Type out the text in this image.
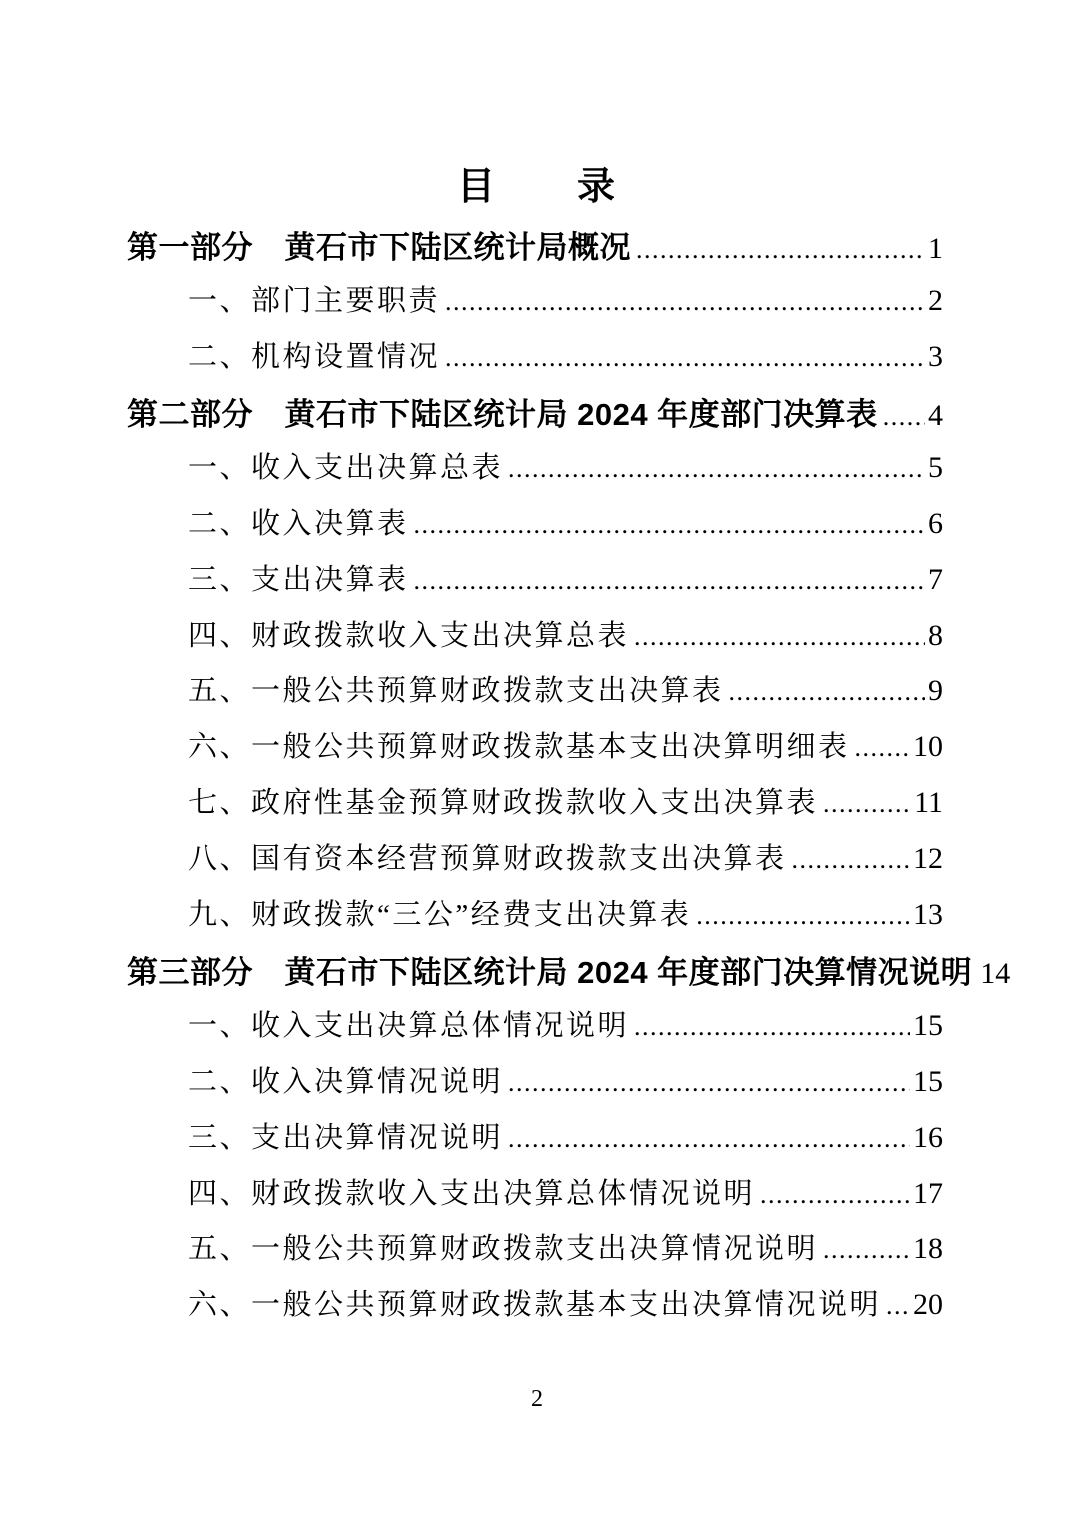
目　　录
第一部分　黄石市下陆区统计局概况 .....	1
一、部门主要职责 .....	2
二、机构设置情况 .....	3
第二部分　黄石市下陆区统计局 2024 年度部门决算表 ..... 4
一、收入支出决算总表 .....	5
二、收入决算表 .....	6
三、支出决算表 .....	7
四、财政拨款收入支出决算总表 .....	8
五、一般公共预算财政拨款支出决算表 .....	9
六、一般公共预算财政拨款基本支出决算明细表 ..... 10
七、政府性基金预算财政拨款收入支出决算表 .....	11
八、国有资本经营预算财政拨款支出决算表 .....	12
九、财政拨款“三公”经费支出决算表 .....	13
第三部分　黄石市下陆区统计局 2024 年度部门决算情况说明 14
一、收入支出决算总体情况说明 .....	15
二、收入决算情况说明 .....	15
三、支出决算情况说明 .....	16
四、财政拨款收入支出决算总体情况说明 .....	17
五、一般公共预算财政拨款支出决算情况说明 .....	18
六、一般公共预算财政拨款基本支出决算情况说明 ..... 20
2
